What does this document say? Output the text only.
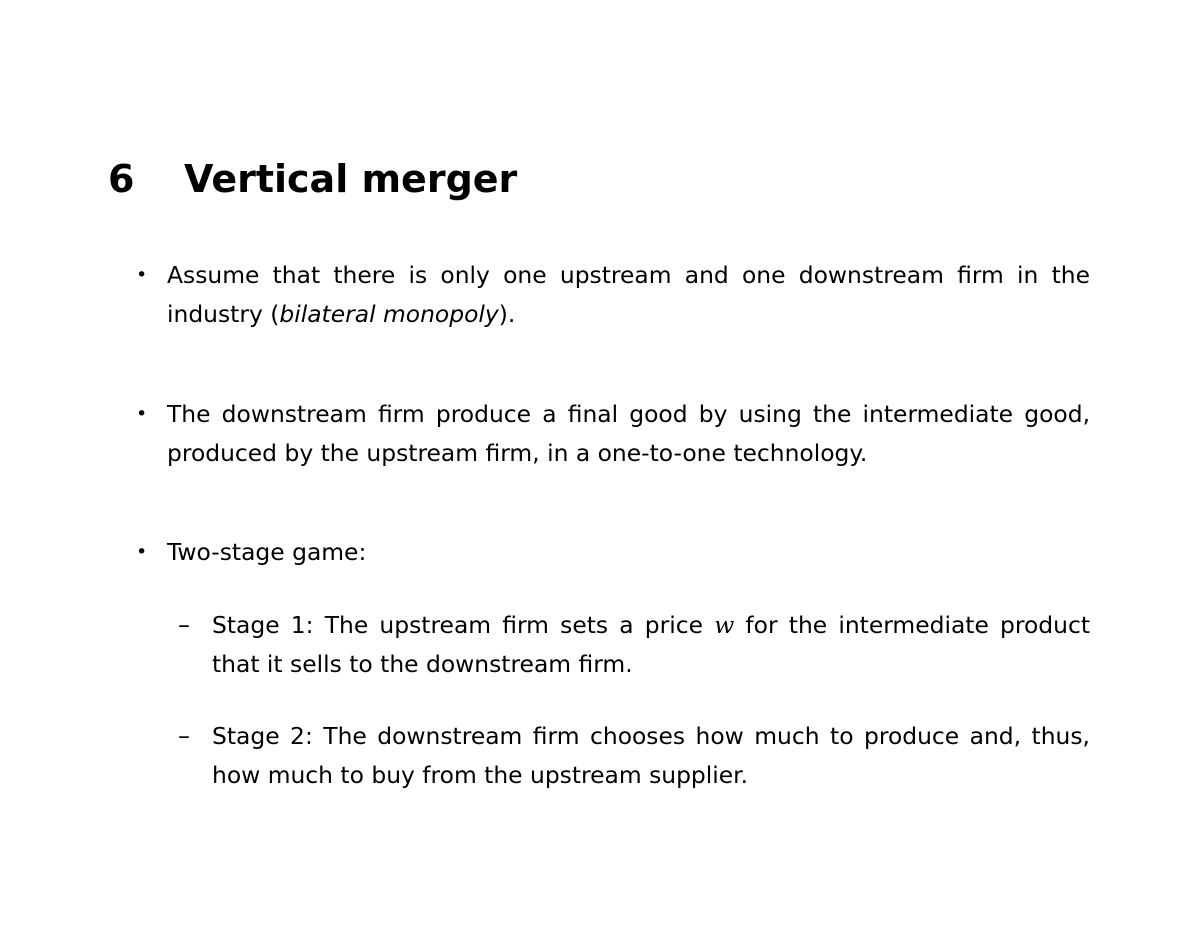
6 Vertical merger
• Assume that there is only one upstream and one downstream firm in the industry (bilateral monopoly).
• The downstream firm produce a final good by using the intermediate good, produced by the upstream firm, in a one-to-one technology.
• Two-stage game:
– Stage 1: The upstream firm sets a price w for the intermediate product that it sells to the downstream firm.
– Stage 2: The downstream firm chooses how much to produce and, thus, how much to buy from the upstream supplier.
